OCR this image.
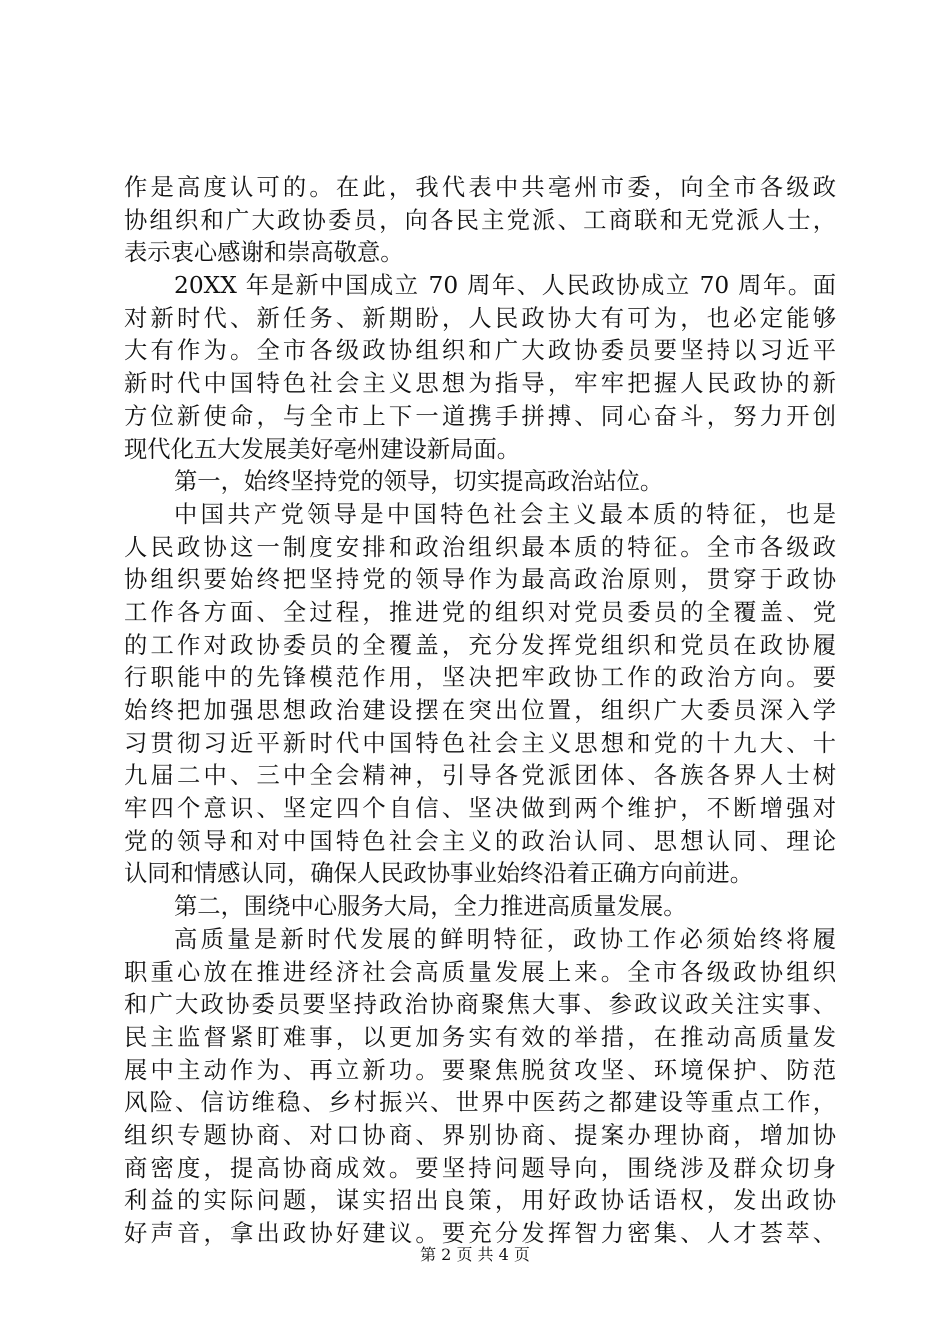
作是高度认可的。在此，我代表中共亳州市委，向全市各级政
协组织和广大政协委员，向各民主党派、工商联和无党派人士，
表示衷心感谢和崇高敬意。
20XX 年是新中国成立 70 周年、人民政协成立 70 周年。面
对新时代、新任务、新期盼，人民政协大有可为，也必定能够
大有作为。全市各级政协组织和广大政协委员要坚持以习近平
新时代中国特色社会主义思想为指导，牢牢把握人民政协的新
方位新使命，与全市上下一道携手拼搏、同心奋斗，努力开创
现代化五大发展美好亳州建设新局面。
第一，始终坚持党的领导，切实提高政治站位。
中国共产党领导是中国特色社会主义最本质的特征，也是
人民政协这一制度安排和政治组织最本质的特征。全市各级政
协组织要始终把坚持党的领导作为最高政治原则，贯穿于政协
工作各方面、全过程，推进党的组织对党员委员的全覆盖、党
的工作对政协委员的全覆盖，充分发挥党组织和党员在政协履
行职能中的先锋模范作用，坚决把牢政协工作的政治方向。要
始终把加强思想政治建设摆在突出位置，组织广大委员深入学
习贯彻习近平新时代中国特色社会主义思想和党的十九大、十
九届二中、三中全会精神，引导各党派团体、各族各界人士树
牢四个意识、坚定四个自信、坚决做到两个维护，不断增强对
党的领导和对中国特色社会主义的政治认同、思想认同、理论
认同和情感认同，确保人民政协事业始终沿着正确方向前进。
第二，围绕中心服务大局，全力推进高质量发展。
高质量是新时代发展的鲜明特征，政协工作必须始终将履
职重心放在推进经济社会高质量发展上来。全市各级政协组织
和广大政协委员要坚持政治协商聚焦大事、参政议政关注实事、
民主监督紧盯难事，以更加务实有效的举措，在推动高质量发
展中主动作为、再立新功。要聚焦脱贫攻坚、环境保护、防范
风险、信访维稳、乡村振兴、世界中医药之都建设等重点工作，
组织专题协商、对口协商、界别协商、提案办理协商，增加协
商密度，提高协商成效。要坚持问题导向，围绕涉及群众切身
利益的实际问题，谋实招出良策，用好政协话语权，发出政协
好声音，拿出政协好建议。要充分发挥智力密集、人才荟萃、
第 2 页 共 4 页
